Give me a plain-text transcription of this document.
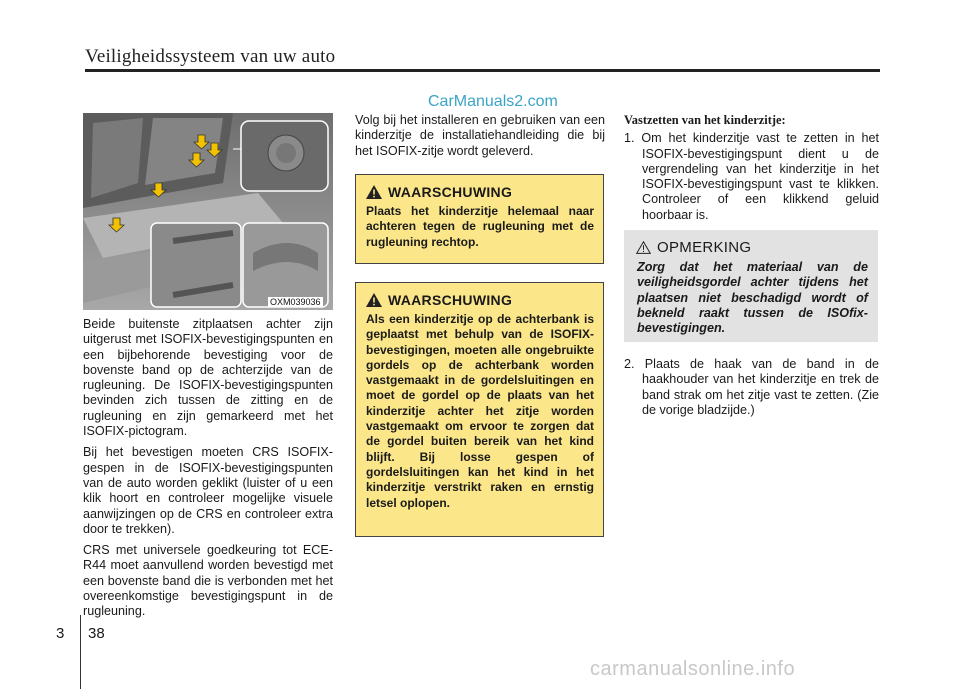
Veiligheidssysteem van uw auto
CarManuals2.com
OXM039036

Beide buitenste zitplaatsen achter zijn uitgerust met ISOFIX-bevestigingspunten en een bijbehorende bevestiging voor de bovenste band op de achterzijde van de rugleuning. De ISOFIX-bevestigingspunten bevinden zich tussen de zitting en de rugleuning en zijn gemarkeerd met het ISOFIX-pictogram.

Bij het bevestigen moeten CRS ISOFIX-gespen in de ISOFIX-bevestigingspunten van de auto worden geklikt (luister of u een klik hoort en controleer mogelijke visuele aanwijzingen op de CRS en controleer extra door te trekken).

CRS met universele goedkeuring tot ECE-R44 moet aanvullend worden bevestigd met een bovenste band die is verbonden met het overeenkomstige bevestigingspunt in de rugleuning.

Volg bij het installeren en gebruiken van een kinderzitje de installatiehandleiding die bij het ISOFIX-zitje wordt geleverd.

WAARSCHUWING
Plaats het kinderzitje helemaal naar achteren tegen de rugleuning met de rugleuning rechtop.
WAARSCHUWING
Als een kinderzitje op de achterbank is geplaatst met behulp van de ISOFIX-bevestigingen, moeten alle ongebruikte gordels op de achterbank worden vastgemaakt in de gordelsluitingen en moet de gordel op de plaats van het kinderzitje achter het zitje worden vastgemaakt om ervoor te zorgen dat de gordel buiten bereik van het kind blijft. Bij losse gespen of gordelsluitingen kan het kind in het kinderzitje verstrikt raken en ernstig letsel oplopen.
Vastzetten van het kinderzitje:

1. Om het kinderzitje vast te zetten in het ISOFIX-bevestigingspunt dient u de vergrendeling van het kinderzitje in het ISOFIX-bevestigingspunt vast te klikken. Controleer of een klikkend geluid hoorbaar is.

OPMERKING
Zorg dat het materiaal van de veiligheidsgordel achter tijdens het plaatsen niet beschadigd wordt of bekneld raakt tussen de ISOfix-bevestigingen.

2. Plaats de haak van de band in de haakhouder van het kinderzitje en trek de band strak om het zitje vast te zetten. (Zie de vorige bladzijde.)

3 38
carmanualsonline.info
